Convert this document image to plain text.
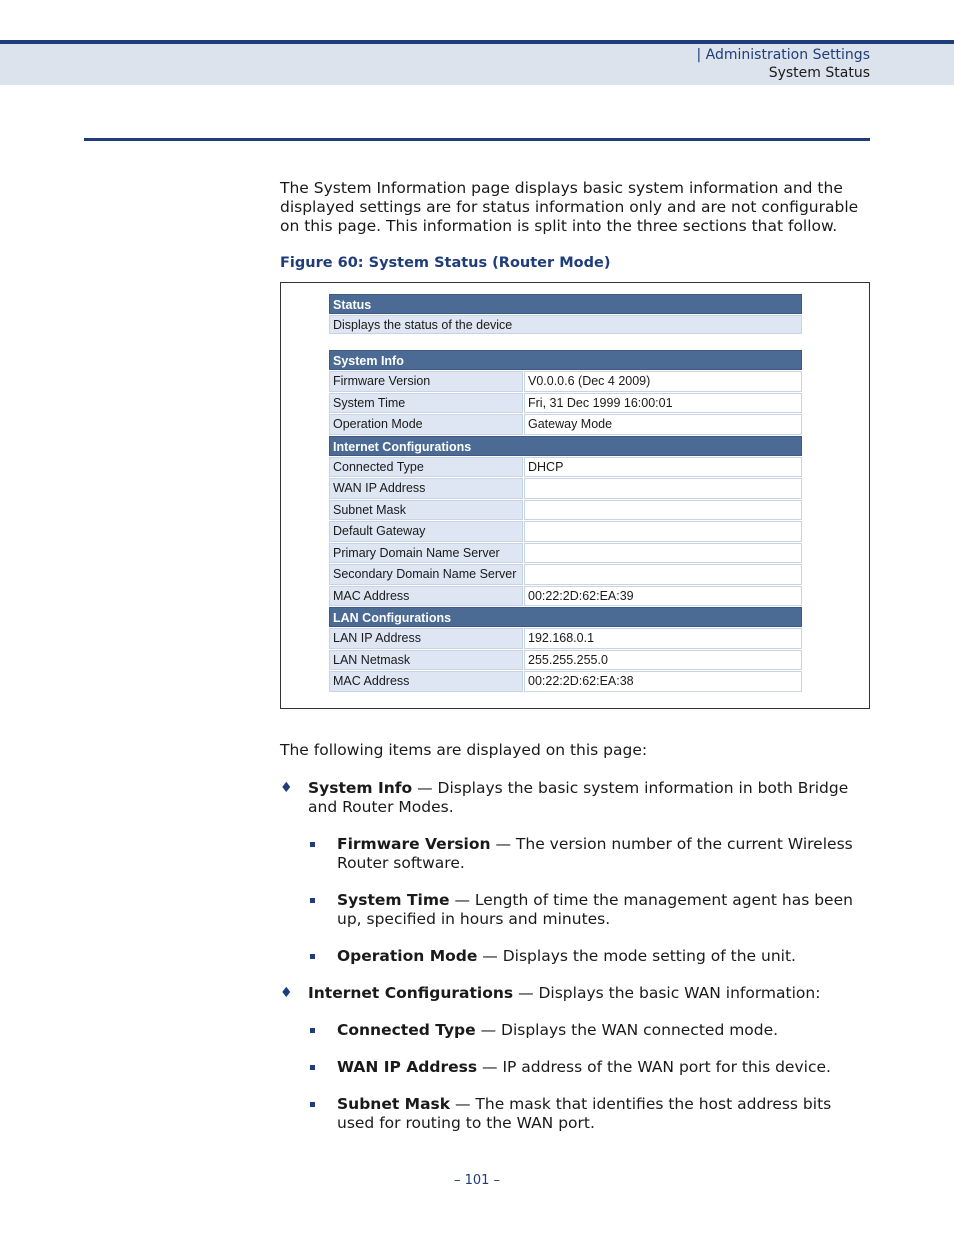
| Administration Settings
System Status

The System Information page displays basic system information and the displayed settings are for status information only and are not configurable on this page. This information is split into the three sections that follow.

Figure 60: System Status (Router Mode)
Status
Displays the status of the device
System Info
Firmware Version	V0.0.0.6 (Dec 4 2009)
System Time	Fri, 31 Dec 1999 16:00:01
Operation Mode	Gateway Mode
Internet Configurations
Connected Type	DHCP
WAN IP Address
Subnet Mask
Default Gateway
Primary Domain Name Server
Secondary Domain Name Server
MAC Address	00:22:2D:62:EA:39
LAN Configurations
LAN IP Address	192.168.0.1
LAN Netmask	255.255.255.0
MAC Address	00:22:2D:62:EA:38

The following items are displayed on this page:

♦ System Info — Displays the basic system information in both Bridge and Router Modes.
Firmware Version — The version number of the current Wireless Router software.
System Time — Length of time the management agent has been up, specified in hours and minutes.
Operation Mode — Displays the mode setting of the unit.
♦ Internet Configurations — Displays the basic WAN information:
Connected Type — Displays the WAN connected mode.
WAN IP Address — IP address of the WAN port for this device.
Subnet Mask — The mask that identifies the host address bits used for routing to the WAN port.
– 101 –
